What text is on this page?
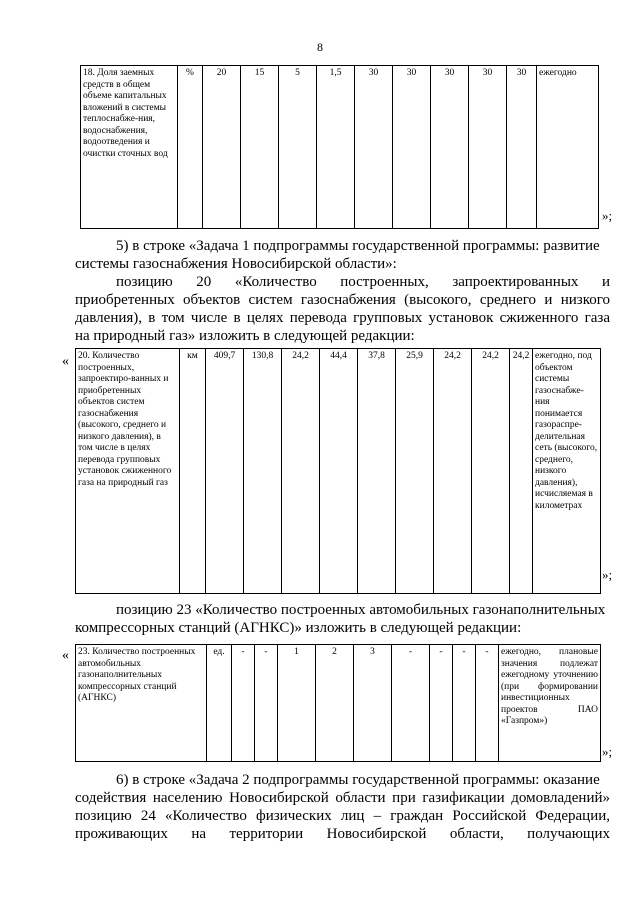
8
18. Доля заемных средств в общем объеме капитальных вложений в системы теплоснабже-ния, водоснабжения, водоотведения и очистки сточных вод	%	20	15	5	1,5	30	30	30	30	30	ежегодно
»;
5) в строке «Задача 1 подпрограммы государственной программы: развитие
системы газоснабжения Новосибирской области»:
позицию 20 «Количество построенных, запроектированных и
приобретенных объектов систем газоснабжения (высокого, среднего и низкого
давления), в том числе в целях перевода групповых установок сжиженного газа
на природный газ» изложить в следующей редакции:
« 20. Количество построенных, запроектиро-ванных и приобретенных объектов систем газоснабжения (высокого, среднего и низкого давления), в том числе в целях перевода групповых установок сжиженного газа на природный газ	км	409,7	130,8	24,2	44,4	37,8	25,9	24,2	24,2	24,2	ежегодно, под объектом системы газоснабже-ния понимается газораспре-делительная сеть (высокого, среднего, низкого давления), исчисляемая в километрах
»;
позицию 23 «Количество построенных автомобильных газонаполнительных
компрессорных станций (АГНКС)» изложить в следующей редакции:
« 23. Количество построенных автомобильных газонаполнительных компрессорных станций (АГНКС)	ед.	-	-	1	2	3	-	-	-	-	ежегодно, плановые значения подлежат ежегодному уточнению (при формировании инвестиционных проектов ПАО «Газпром»)
»;
6) в строке «Задача 2 подпрограммы государственной программы: оказание
содействия населению Новосибирской области при газификации домовладений»
позицию 24 «Количество физических лиц – граждан Российской Федерации,
проживающих на территории Новосибирской области, получающих
